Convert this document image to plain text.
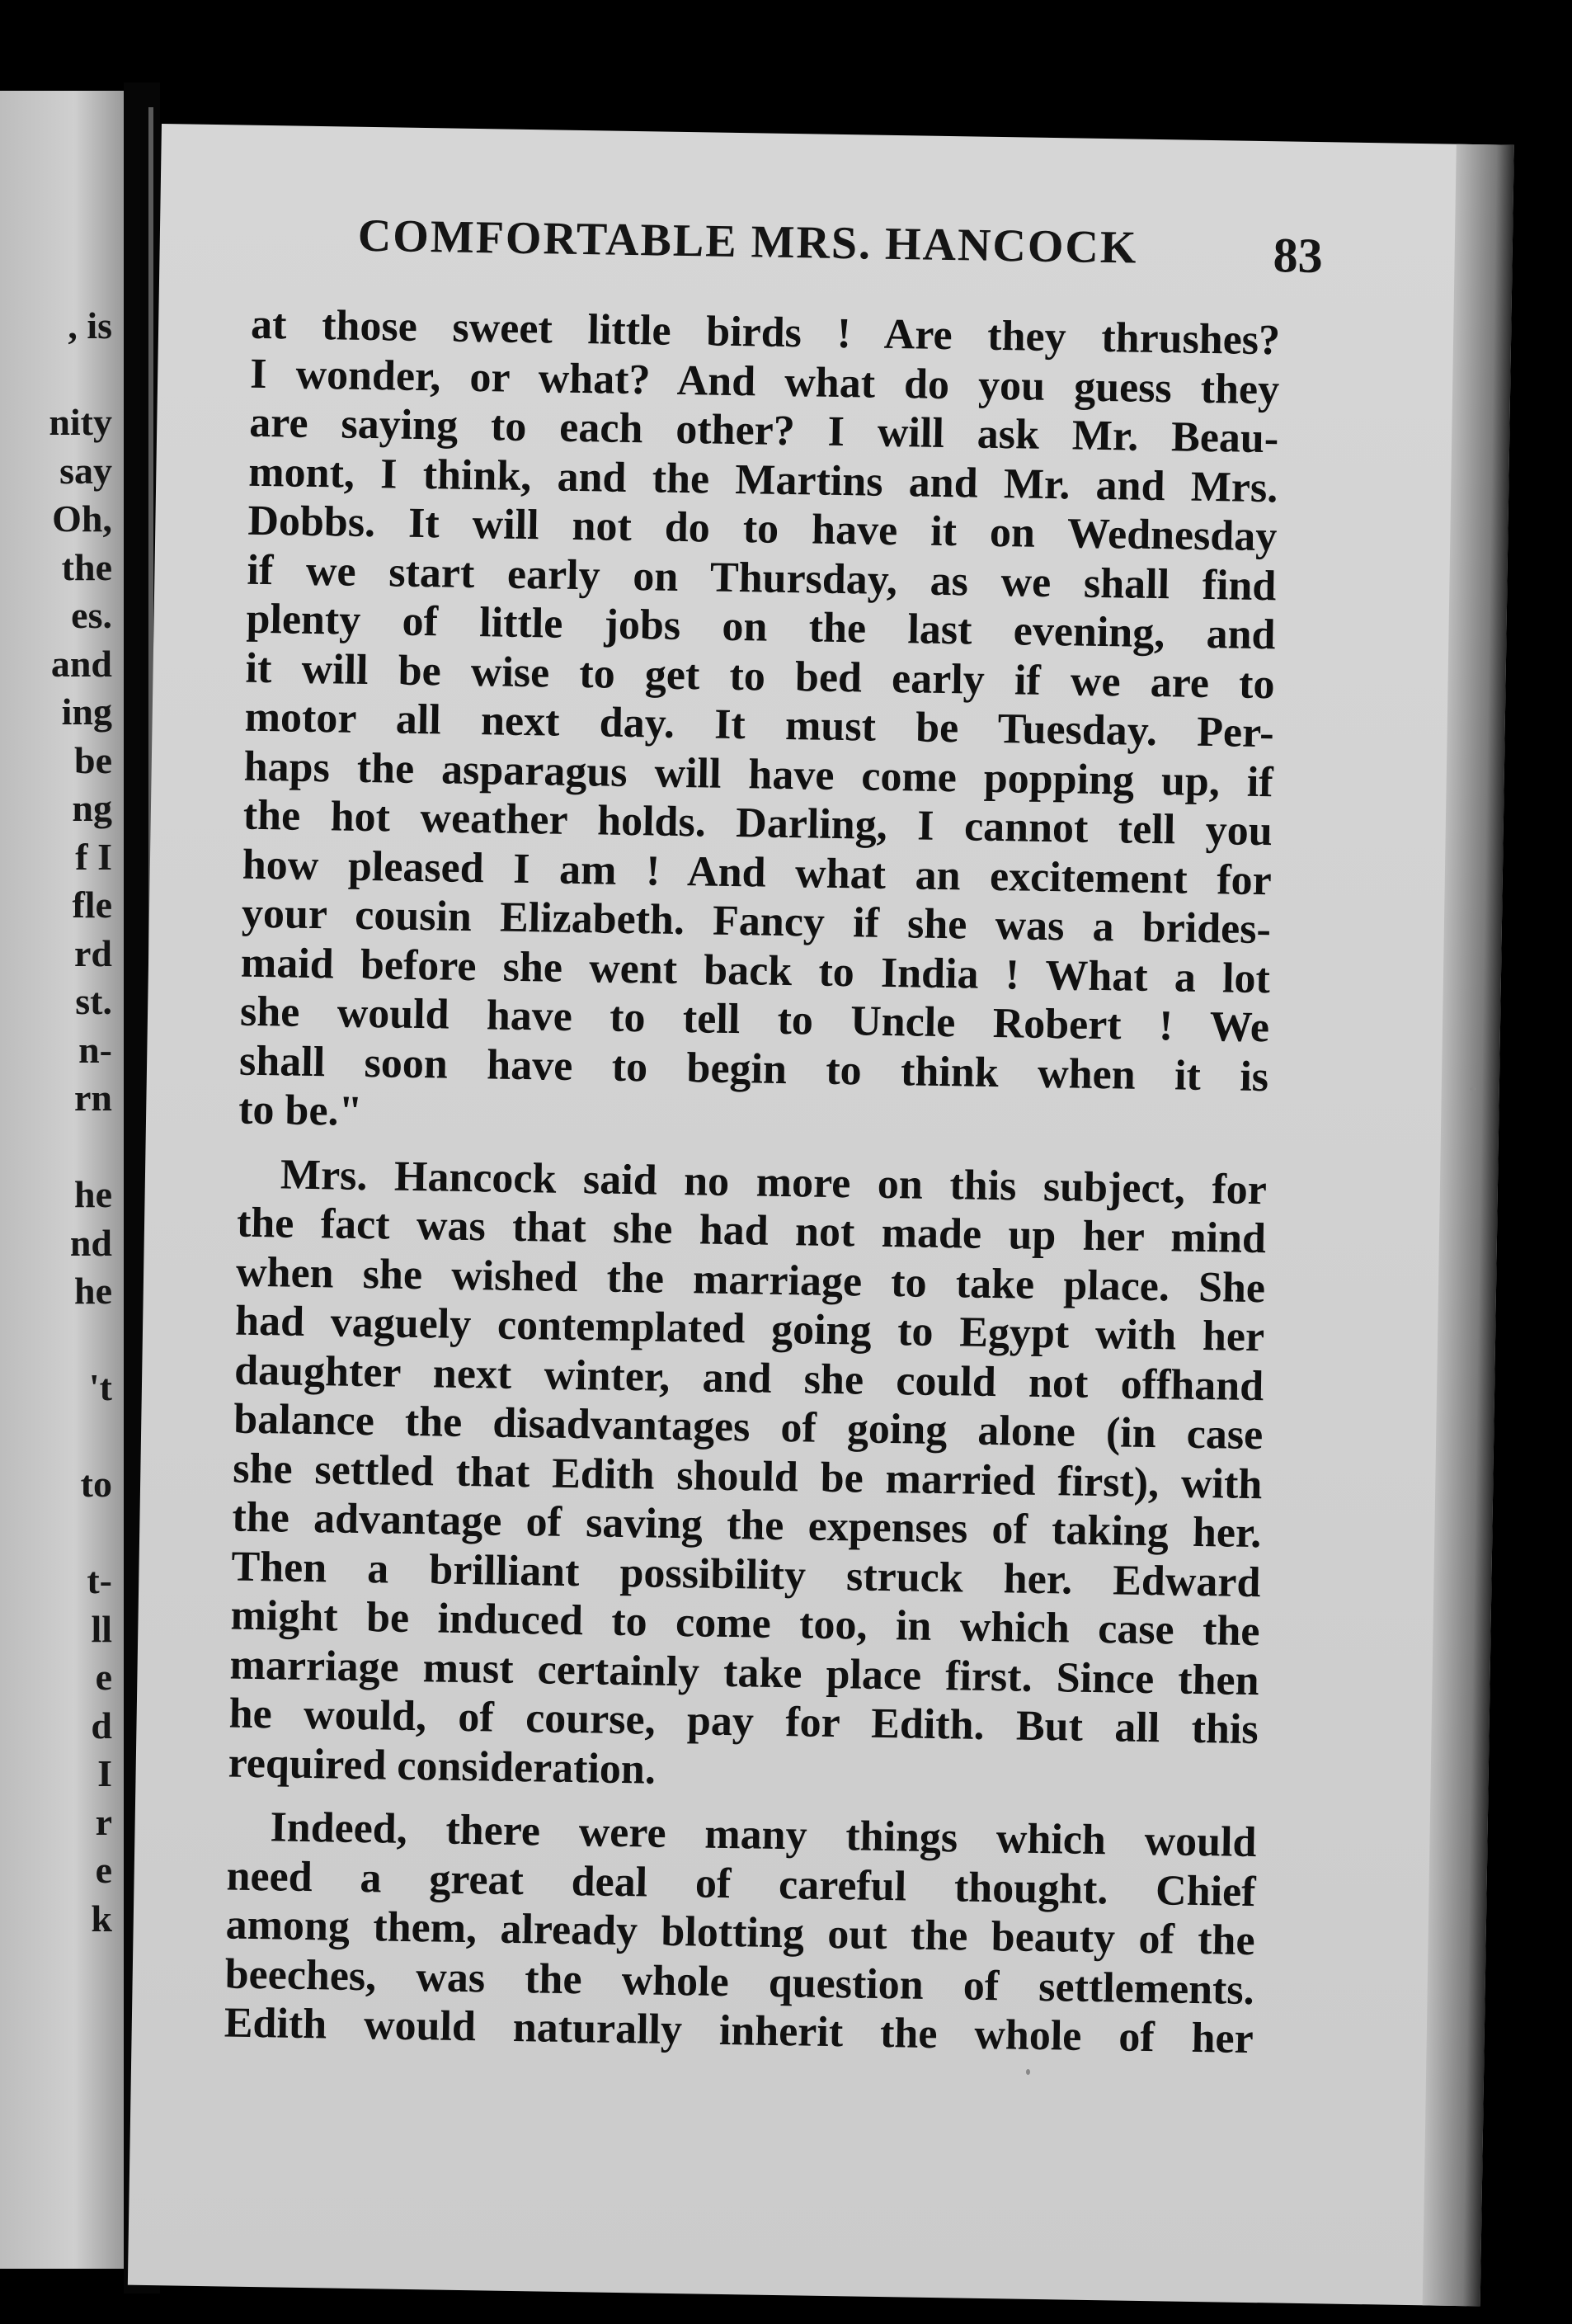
, is
nity
say
Oh,
the
es.
and
ing
be
ng
f I
fle
rd
st.
n-
rn
he
nd
he
't
to
t-
ll
e
d
I
r
e
k
COMFORTABLE MRS. HANCOCK	83
at those sweet little birds ! Are they thrushes?
I wonder, or what? And what do you guess they
are saying to each other? I will ask Mr. Beau-
mont, I think, and the Martins and Mr. and Mrs.
Dobbs. It will not do to have it on Wednesday
if we start early on Thursday, as we shall find
plenty of little jobs on the last evening, and
it will be wise to get to bed early if we are to
motor all next day. It must be Tuesday. Per-
haps the asparagus will have come popping up, if
the hot weather holds. Darling, I cannot tell you
how pleased I am ! And what an excitement for
your cousin Elizabeth. Fancy if she was a brides-
maid before she went back to India ! What a lot
she would have to tell to Uncle Robert ! We
shall soon have to begin to think when it is
to be."
Mrs. Hancock said no more on this subject, for
the fact was that she had not made up her mind
when she wished the marriage to take place. She
had vaguely contemplated going to Egypt with her
daughter next winter, and she could not offhand
balance the disadvantages of going alone (in case
she settled that Edith should be married first), with
the advantage of saving the expenses of taking her.
Then a brilliant possibility struck her. Edward
might be induced to come too, in which case the
marriage must certainly take place first. Since then
he would, of course, pay for Edith. But all this
required consideration.
Indeed, there were many things which would
need a great deal of careful thought. Chief
among them, already blotting out the beauty of the
beeches, was the whole question of settlements.
Edith would naturally inherit the whole of her
